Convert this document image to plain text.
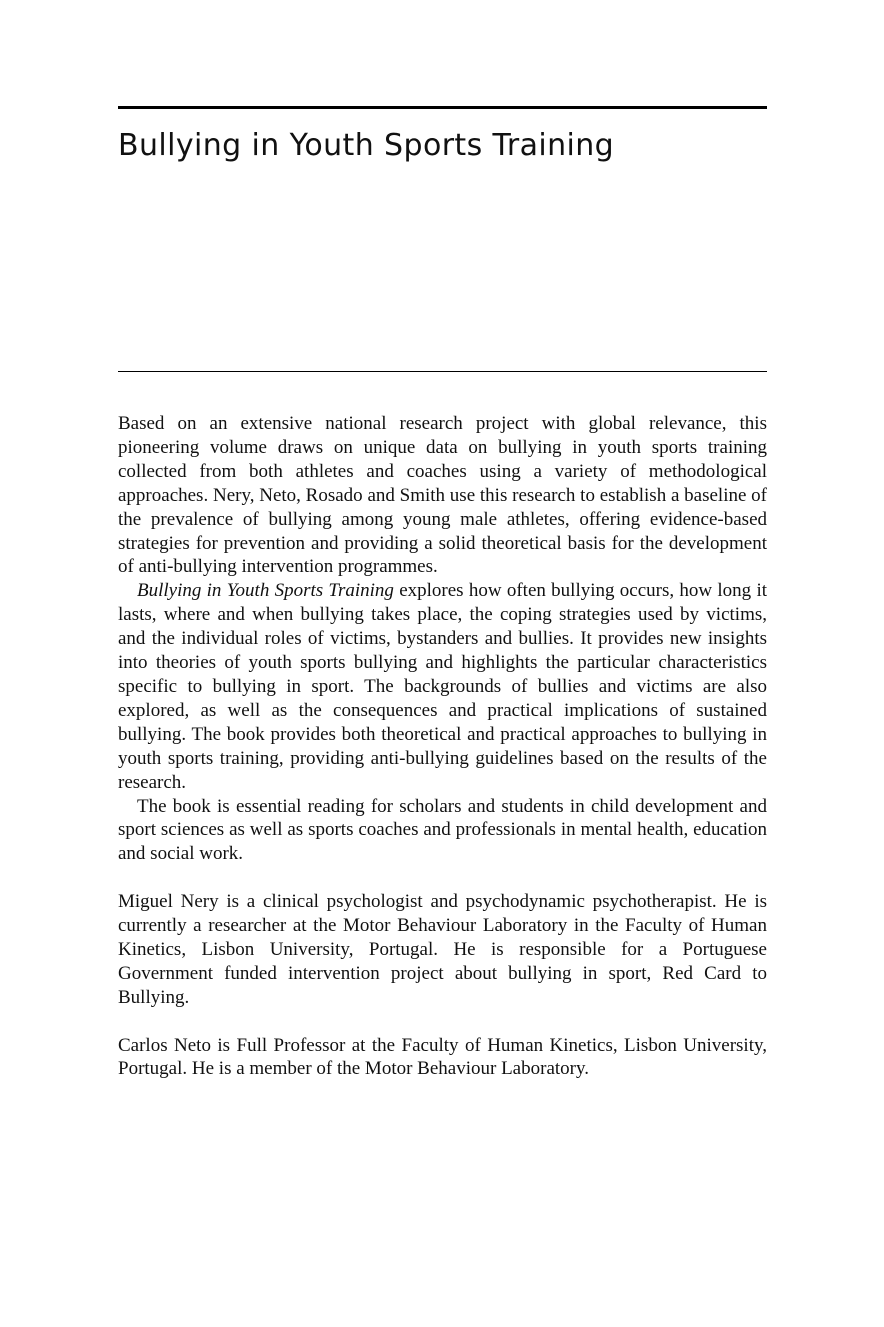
Bullying in Youth Sports Training

Based on an extensive national research project with global relevance, this pioneering volume draws on unique data on bullying in youth sports training collected from both athletes and coaches using a variety of methodological approaches. Nery, Neto, Rosado and Smith use this research to establish a baseline of the prevalence of bullying among young male athletes, offering evidence-based strategies for prevention and providing a solid theoretical basis for the development of anti-bullying intervention programmes.

Bullying in Youth Sports Training explores how often bullying occurs, how long it lasts, where and when bullying takes place, the coping strategies used by victims, and the individual roles of victims, bystanders and bullies. It provides new insights into theories of youth sports bullying and highlights the particular characteristics specific to bullying in sport. The backgrounds of bullies and victims are also explored, as well as the consequences and practical implications of sustained bullying. The book provides both theoretical and practical approaches to bullying in youth sports training, providing anti-bullying guidelines based on the results of the research.

The book is essential reading for scholars and students in child development and sport sciences as well as sports coaches and professionals in mental health, education and social work.

Miguel Nery is a clinical psychologist and psychodynamic psychotherapist. He is currently a researcher at the Motor Behaviour Laboratory in the Faculty of Human Kinetics, Lisbon University, Portugal. He is responsible for a Portuguese Government funded intervention project about bullying in sport, Red Card to Bullying.

Carlos Neto is Full Professor at the Faculty of Human Kinetics, Lisbon University, Portugal. He is a member of the Motor Behaviour Laboratory.
